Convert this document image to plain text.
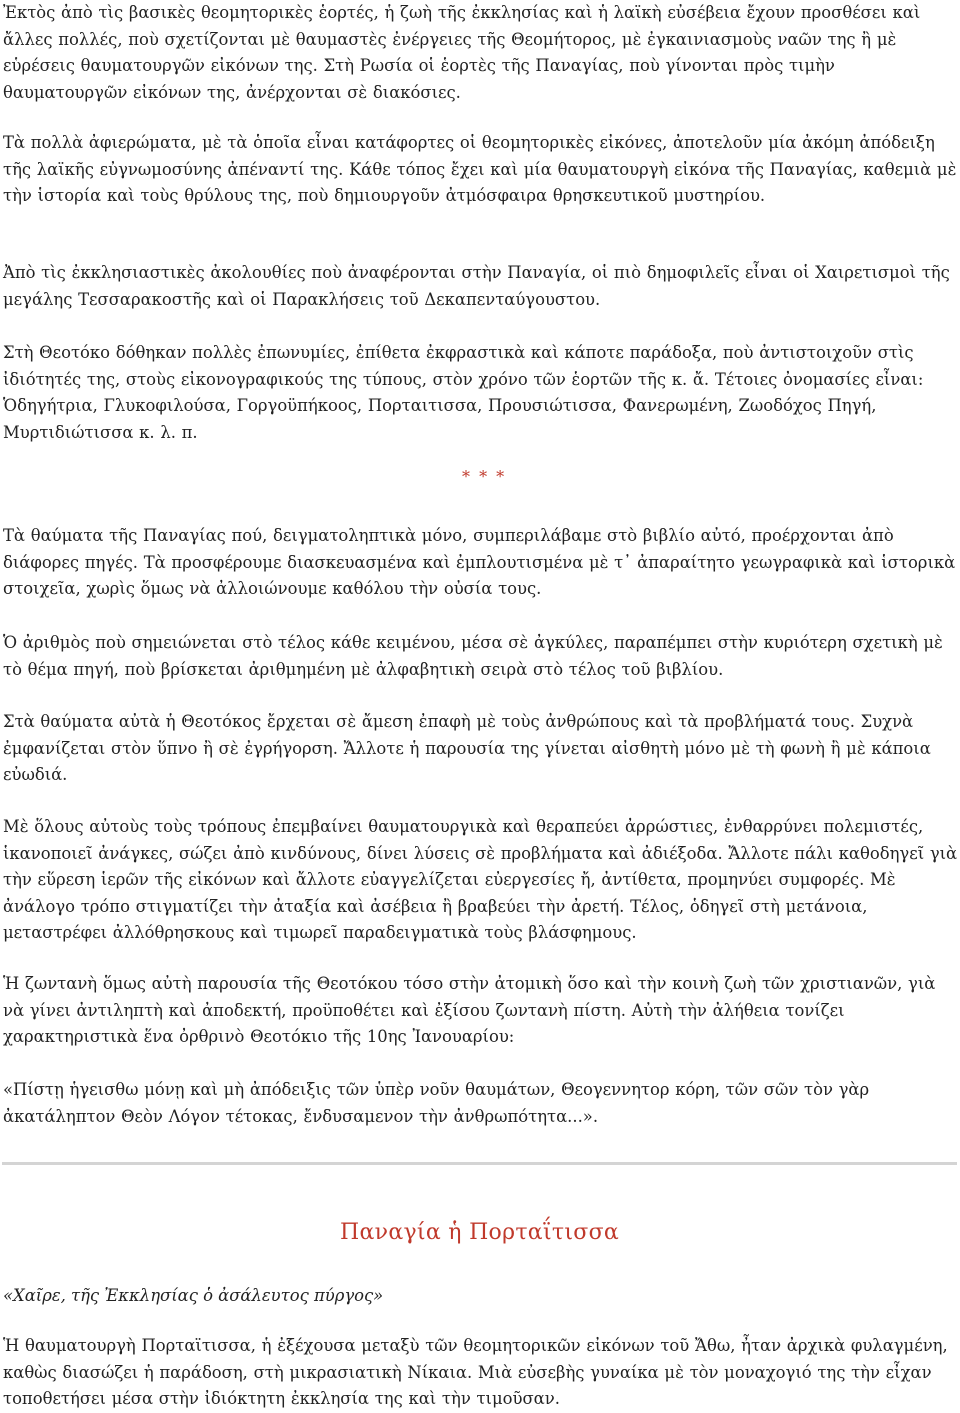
Ἐκτὸς ἀπὸ τὶς βασικὲς θεομητορικὲς ἑορτές, ἡ ζωὴ τῆς ἐκκλησίας καὶ ἡ λαϊκὴ εὐσέβεια ἔχουν προσθέσει καὶ ἄλλες πολλές, ποὺ σχετίζονται μὲ θαυμαστὲς ἐνέργειες τῆς Θεομήτορος, μὲ ἐγκαινιασμοὺς ναῶν της ἢ μὲ εὑρέσεις θαυματουργῶν εἰκόνων της. Στὴ Ρωσία οἱ ἑορτὲς τῆς Παναγίας, ποὺ γίνονται πρὸς τιμὴν θαυματουργῶν εἰκόνων της, ἀνέρχονται σὲ διακόσιες.

Τὰ πολλὰ ἀφιερώματα, μὲ τὰ ὁποῖα εἶναι κατάφορτες οἱ θεομητορικὲς εἰκόνες, ἀποτελοῦν μία ἀκόμη ἀπόδειξη τῆς λαϊκῆς εὐγνωμοσύνης ἀπέναντί της. Κάθε τόπος ἔχει καὶ μία θαυματουργὴ εἰκόνα τῆς Παναγίας, καθεμιὰ μὲ τὴν ἱστορία καὶ τοὺς θρύλους της, ποὺ δημιουργοῦν ἀτμόσφαιρα θρησκευτικοῦ μυστηρίου.

Ἀπὸ τὶς ἐκκλησιαστικὲς ἀκολουθίες ποὺ ἀναφέρονται στὴν Παναγία, οἱ πιὸ δημοφιλεῖς εἶναι οἱ Χαιρετισμοὶ τῆς μεγάλης Τεσσαρακοστῆς καὶ οἱ Παρακλήσεις τοῦ Δεκαπενταύγουστου.

Στὴ Θεοτόκο δόθηκαν πολλὲς ἐπωνυμίες, ἐπίθετα ἐκφραστικὰ καὶ κάποτε παράδοξα, ποὺ ἀντιστοιχοῦν στὶς ἰδιότητές της, στοὺς εἰκονογραφικούς της τύπους, στὸν χρόνο τῶν ἑορτῶν τῆς κ. ἄ. Τέτοιες ὀνομασίες εἶναι: Ὁδηγήτρια, Γλυκοφιλούσα, Γοργοϋπήκοος, Πορταιτισσα, Προυσιώτισσα, Φανερωμένη, Ζωοδόχος Πηγή, Μυρτιδιώτισσα κ. λ. π.

* * *

Τὰ θαύματα τῆς Παναγίας πού, δειγματοληπτικὰ μόνο, συμπεριλάβαμε στὸ βιβλίο αὐτό, προέρχονται ἀπὸ διάφορες πηγές. Τὰ προσφέρουμε διασκευασμένα καὶ ἐμπλουτισμένα μὲ τ᾿ ἀπαραίτητο γεωγραφικὰ καὶ ἱστορικὰ στοιχεῖα, χωρὶς ὅμως νὰ ἀλλοιώνουμε καθόλου τὴν οὐσία τους.

Ὁ ἀριθμὸς ποὺ σημειώνεται στὸ τέλος κάθε κειμένου, μέσα σὲ ἀγκύλες, παραπέμπει στὴν κυριότερη σχετικὴ μὲ τὸ θέμα πηγή, ποὺ βρίσκεται ἀριθμημένη μὲ ἀλφαβητικὴ σειρὰ στὸ τέλος τοῦ βιβλίου.

Στὰ θαύματα αὐτὰ ἡ Θεοτόκος ἔρχεται σὲ ἄμεση ἐπαφὴ μὲ τοὺς ἀνθρώπους καὶ τὰ προβλήματά τους. Συχνὰ ἐμφανίζεται στὸν ὕπνο ἢ σὲ ἐγρήγορση. Ἄλλοτε ἡ παρουσία της γίνεται αἰσθητὴ μόνο μὲ τὴ φωνὴ ἢ μὲ κάποια εὐωδιά.

Μὲ ὅλους αὐτοὺς τοὺς τρόπους ἐπεμβαίνει θαυματουργικὰ καὶ θεραπεύει ἀρρώστιες, ἐνθαρρύνει πολεμιστές, ἱκανοποιεῖ ἀνάγκες, σώζει ἀπὸ κινδύνους, δίνει λύσεις σὲ προβλήματα καὶ ἀδιέξοδα. Ἄλλοτε πάλι καθοδηγεῖ γιὰ τὴν εὕρεση ἱερῶν τῆς εἰκόνων καὶ ἄλλοτε εὐαγγελίζεται εὐεργεσίες ἤ, ἀντίθετα, προμηνύει συμφορές. Μὲ ἀνάλογο τρόπο στιγματίζει τὴν ἀταξία καὶ ἀσέβεια ἢ βραβεύει τὴν ἀρετή. Τέλος, ὁδηγεῖ στὴ μετάνοια, μεταστρέφει ἀλλόθρησκους καὶ τιμωρεῖ παραδειγματικὰ τοὺς βλάσφημους.

Ἡ ζωντανὴ ὅμως αὐτὴ παρουσία τῆς Θεοτόκου τόσο στὴν ἀτομικὴ ὅσο καὶ τὴν κοινὴ ζωὴ τῶν χριστιανῶν, γιὰ νὰ γίνει ἀντιληπτὴ καὶ ἀποδεκτή, προϋποθέτει καὶ ἐξίσου ζωντανὴ πίστη. Αὐτὴ τὴν ἀλήθεια τονίζει χαρακτηριστικὰ ἕνα ὀρθρινὸ Θεοτόκιο τῆς 10ης Ἰανουαρίου:

«Πίστῃ ἡγεισθω μόνῃ καὶ μὴ ἀπόδειξις τῶν ὑπὲρ νοῦν θαυμάτων, Θεογεννητορ κόρη, τῶν σῶν τὸν γὰρ ἀκατάληπτον Θεὸν Λόγον τέτοκας, ἔνδυσαμενον τὴν ἀνθρωπότητα...».

Παναγία ἡ Πορταΐτισσα

«Χαῖρε, τῆς Ἐκκλησίας ὁ ἀσάλευτος πύργος»

Ἡ θαυματουργὴ Πορταϊτισσα, ἡ ἐξέχουσα μεταξὺ τῶν θεομητορικῶν εἰκόνων τοῦ Ἄθω, ἦταν ἀρχικὰ φυλαγμένη, καθὼς διασώζει ἡ παράδοση, στὴ μικρασιατικὴ Νίκαια. Μιὰ εὐσεβὴς γυναίκα μὲ τὸν μοναχογιό της τὴν εἶχαν τοποθετήσει μέσα στὴν ἰδιόκτητη ἐκκλησία της καὶ τὴν τιμοῦσαν.
